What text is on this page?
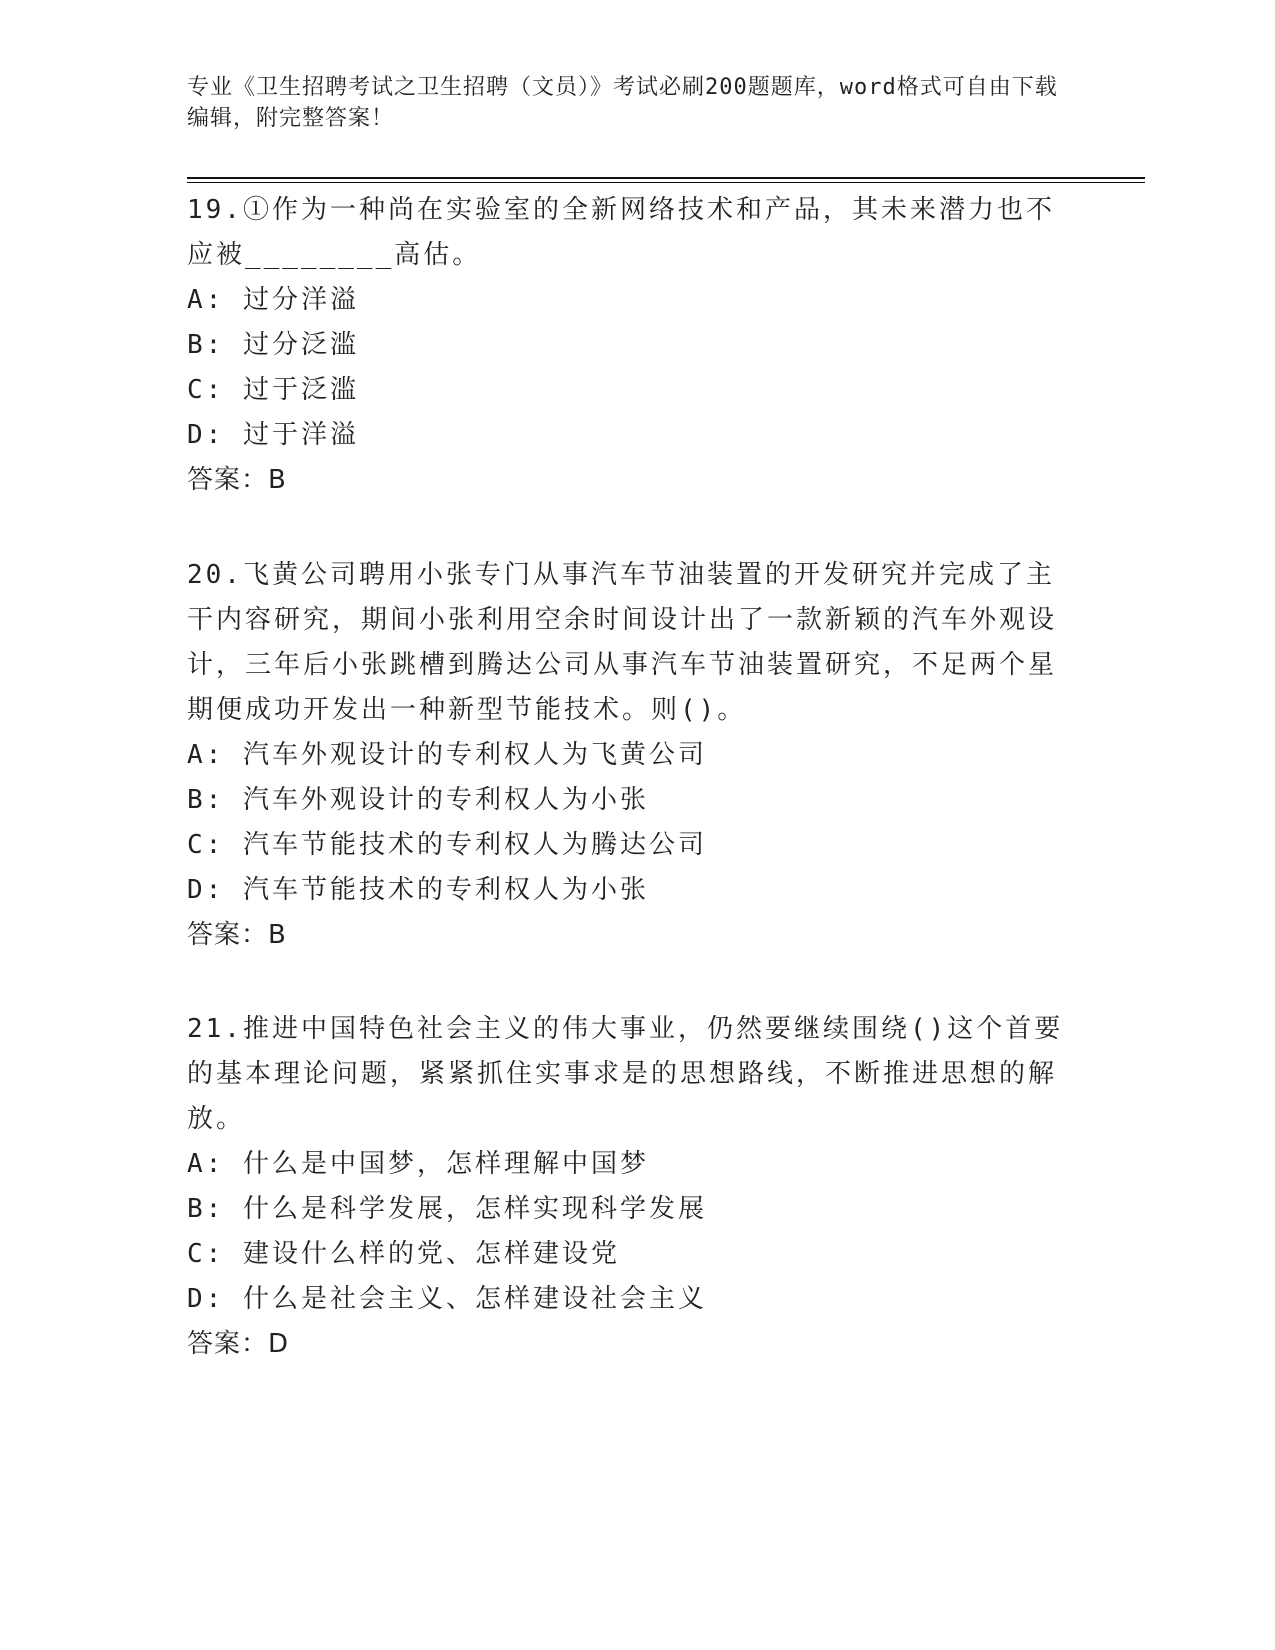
专业《卫生招聘考试之卫生招聘（文员）》考试必刷200题题库，word格式可自由下载编辑，附完整答案！
19.①作为一种尚在实验室的全新网络技术和产品，其未来潜力也不应被________高估。
A: 过分洋溢
B: 过分泛滥
C: 过于泛滥
D: 过于洋溢
答案：B
20.飞黄公司聘用小张专门从事汽车节油装置的开发研究并完成了主干内容研究，期间小张利用空余时间设计出了一款新颖的汽车外观设计，三年后小张跳槽到腾达公司从事汽车节油装置研究，不足两个星期便成功开发出一种新型节能技术。则()。
A: 汽车外观设计的专利权人为飞黄公司
B: 汽车外观设计的专利权人为小张
C: 汽车节能技术的专利权人为腾达公司
D: 汽车节能技术的专利权人为小张
答案：B
21.推进中国特色社会主义的伟大事业，仍然要继续围绕()这个首要的基本理论问题，紧紧抓住实事求是的思想路线，不断推进思想的解放。
A: 什么是中国梦，怎样理解中国梦
B: 什么是科学发展，怎样实现科学发展
C: 建设什么样的党、怎样建设党
D: 什么是社会主义、怎样建设社会主义
答案：D
